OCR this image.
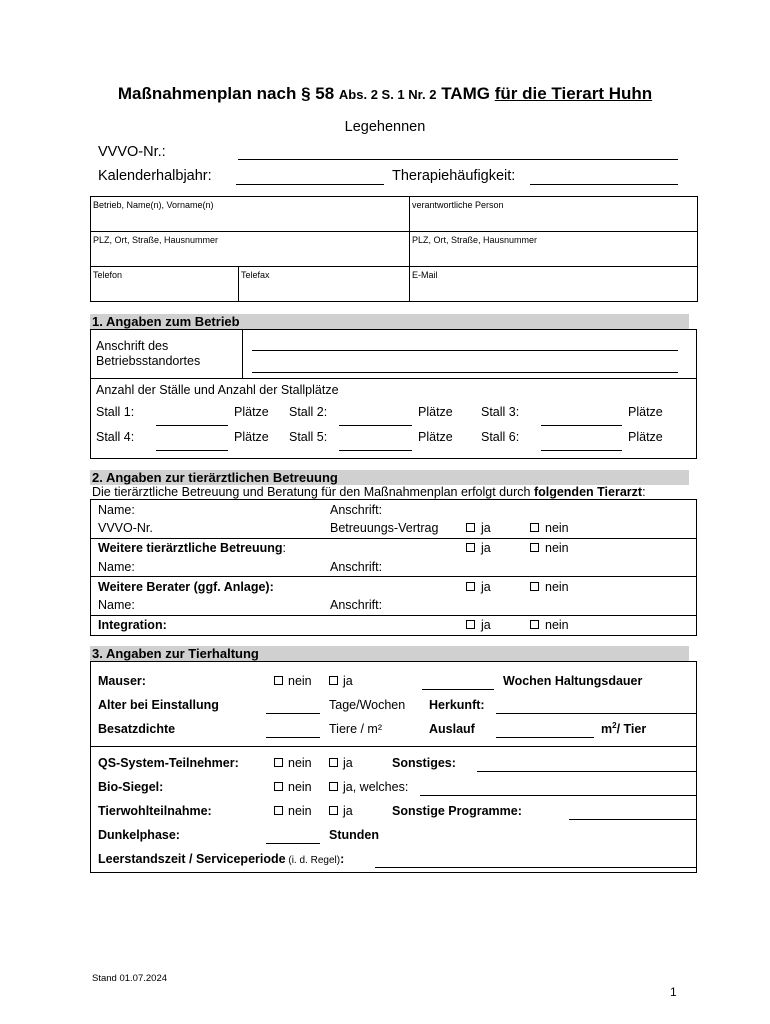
Maßnahmenplan nach § 58 Abs. 2 S. 1 Nr. 2 TAMG für die Tierart Huhn
Legehennen
VVVO-Nr.:
Kalenderhalbjahr:	Therapiehäufigkeit:
Betrieb, Name(n), Vorname(n)	verantwortliche Person
PLZ, Ort, Straße, Hausnummer	PLZ, Ort, Straße, Hausnummer
Telefon	Telefax	E-Mail
1. Angaben zum Betrieb
Anschrift des
Betriebsstandortes
Anzahl der Ställe und Anzahl der Stallplätze
Stall 1:	Plätze Stall 2:	Plätze Stall 3:	Plätze
Stall 4:	Plätze Stall 5:	Plätze Stall 6:	Plätze
2. Angaben zur tierärztlichen Betreuung
Die tierärztliche Betreuung und Beratung für den Maßnahmenplan erfolgt durch folgenden Tierarzt:
Name:	Anschrift:
VVVO-Nr.	Betreuungs-Vertrag	ja	nein
Weitere tierärztliche Betreuung:	ja	nein
Name:	Anschrift:
Weitere Berater (ggf. Anlage):	ja	nein
Name:	Anschrift:
Integration:	ja	nein
3. Angaben zur Tierhaltung
Mauser:	nein	ja	Wochen Haltungsdauer
Alter bei Einstallung	Tage/Wochen Herkunft:
Besatzdichte	Tiere / m²	Auslauf	$m^2/$ Tier
QS-System-Teilnehmer:	nein	ja	Sonstiges:
Bio-Siegel:	nein	ja, welches:
Tierwohlteilnahme:	nein	ja	Sonstige Programme:
Dunkelphase:	Stunden
Leerstandszeit / Serviceperiode (i. d. Regel):
Stand 01.07.2024
1
